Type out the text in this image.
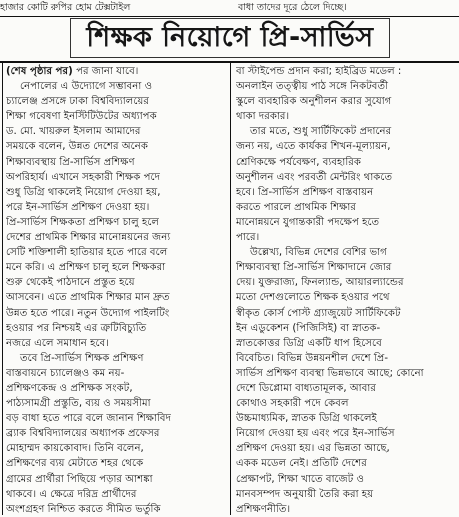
হাজার কোটি রুপির হোম টেক্সটাইল	বাধা তাদের দূরে ঠেলে দিচ্ছে।
শিক্ষক নিয়োগে প্রি-সার্ভিস
(শেষ পৃষ্ঠার পর) পর জানা যাবে।
নেপালের এ উদ্যোগে সম্ভাবনা ও
চ্যালেঞ্জ প্রসঙ্গে ঢাকা বিশ্ববিদ্যালয়ের
শিক্ষা গবেষণা ইনস্টিটিউটের অধ্যাপক
ড. মো. খায়রুল ইসলাম আমাদের
সময়কে বলেন, উন্নত দেশের অনেক
শিক্ষাব্যবস্থায় প্রি-সার্ভিস প্রশিক্ষণ
অপরিহার্য। এখানে সহকারী শিক্ষক পদে
শুধু ডিগ্রি থাকলেই নিয়োগ দেওয়া হয়,
পরে ইন-সার্ভিস প্রশিক্ষণ দেওয়া হয়।
প্রি-সার্ভিস শিক্ষকতা প্রশিক্ষণ চালু হলে
দেশের প্রাথমিক শিক্ষার মানোন্নয়নের জন্য
সেটি শক্তিশালী হাতিয়ার হতে পারে বলে
মনে করি। এ প্রশিক্ষণ চালু হলে শিক্ষকরা
শুরু থেকেই পাঠদানে প্রস্তুত হয়ে
আসবেন। এতে প্রাথমিক শিক্ষার মান দ্রুত
উন্নত হতে পারে। নতুন উদ্যোগ পাইলটিং
হওয়ার পর নিশ্চয়ই এর ত্রুটিবিচ্যুতি
নজরে এলে সমাধান হবে।
তবে প্রি-সার্ভিস শিক্ষক প্রশিক্ষণ
বাস্তবায়নে চ্যালেঞ্জও কম নয়-
প্রশিক্ষণকেন্দ্র ও প্রশিক্ষক সংকট,
পাঠ্যসামগ্রী প্রস্তুতি, ব্যয় ও সময়সীমা
বড় বাধা হতে পারে বলে জানান শিক্ষাবিদ
ব্র্যাক বিশ্ববিদ্যালয়ের অধ্যাপক প্রফেসর
মোহাম্মদ কায়কোবাদ। তিনি বলেন,
প্রশিক্ষণের ব্যয় মেটাতে শহর থেকে
গ্রামের প্রার্থীরা পিছিয়ে পড়ার আশঙ্কা
থাকবে। এ ক্ষেত্রে দরিদ্র প্রার্থীদের
অংশগ্রহণ নিশ্চিত করতে সীমিত ভর্তুকি
বা স্টাইপেন্ড প্রদান করা; হাইব্রিড মডেল :
অনলাইন তত্ত্বীয় পাঠ সঙ্গে নিকটবর্তী
স্কুলে ব্যবহারিক অনুশীলন করার সুযোগ
থাকা দরকার।
তার মতে, শুধু সার্টিফিকেট প্রদানের
জন্য নয়, এতে কার্যকর শিখন-মূল্যায়ন,
শ্রেণিকক্ষে পর্যবেক্ষণ, ব্যবহারিক
অনুশীলন এবং পরবর্তী মেন্টরিং থাকতে
হবে। প্রি-সার্ভিস প্রশিক্ষণ বাস্তবায়ন
করতে পারলে প্রাথমিক শিক্ষার
মানোন্নয়নে যুগান্তকারী পদক্ষেপ হতে
পারে।
উল্লেখ্য, বিভিন্ন দেশের বেশির ভাগ
শিক্ষাব্যবস্থা প্রি-সার্ভিস শিক্ষাদানে জোর
দেয়। যুক্তরাজ্য, ফিনল্যান্ড, আয়ারল্যান্ডের
মতো দেশগুলোতে শিক্ষক হওয়ার পথে
স্বীকৃত কোর্স পোস্ট গ্র্যাজুয়েট সার্টিফিকেট
ইন এডুকেশন (পিজিসিই) বা স্নাতক-
স্নাতকোত্তর ডিগ্রি একটি ধাপ হিসেবে
বিবেচিত। বিভিন্ন উন্নয়নশীল দেশে প্রি-
সার্ভিস প্রশিক্ষণ ব্যবস্থা ভিন্নভাবে আছে; কোনো
দেশে ডিপ্লোমা বাধ্যতামূলক, আবার
কোথাও সহকারী পদে কেবল
উচ্চমাধ্যমিক, স্নাতক ডিগ্রি থাকলেই
নিয়োগ দেওয়া হয় এবং পরে ইন-সার্ভিস
প্রশিক্ষণ দেওয়া হয়। এর ভিন্নতা আছে,
একক মডেল নেই। প্রতিটি দেশের
প্রেক্ষাপট, শিক্ষা খাতে বাজেট ও
মানবসম্পদ অনুযায়ী তৈরি করা হয়
প্রশিক্ষণনীতি।
